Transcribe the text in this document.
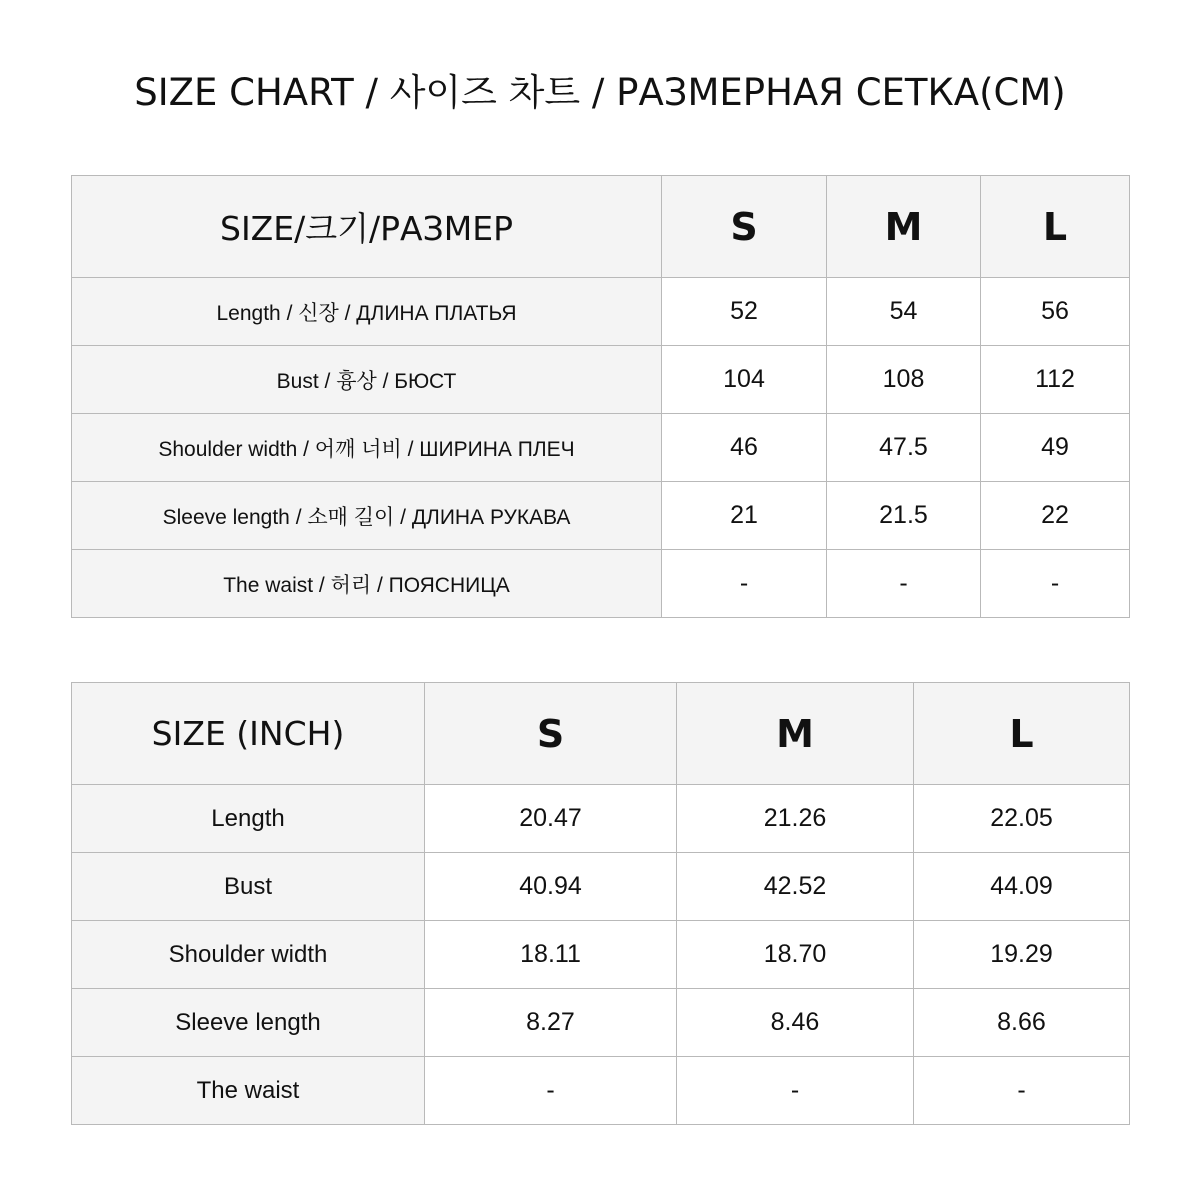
SIZE CHART / 사이즈 차트 / РАЗМЕРНАЯ СЕТКА(CM)
SIZE/크기/РАЗМЕР	S	M	L
Length / 신장 / ДЛИНА ПЛАТЬЯ	52	54	56
Bust / 흉상 / БЮСТ	104	108	112
Shoulder width / 어깨 너비 / ШИРИНА ПЛЕЧ	46	47.5	49
Sleeve length / 소매 길이 / ДЛИНА РУКАВА	21	21.5	22
The waist / 허리 / ПОЯСНИЦА	-	-	-
SIZE (INCH)	S	M	L
Length	20.47	21.26	22.05
Bust	40.94	42.52	44.09
Shoulder width	18.11	18.70	19.29
Sleeve length	8.27	8.46	8.66
The waist	-	-	-
